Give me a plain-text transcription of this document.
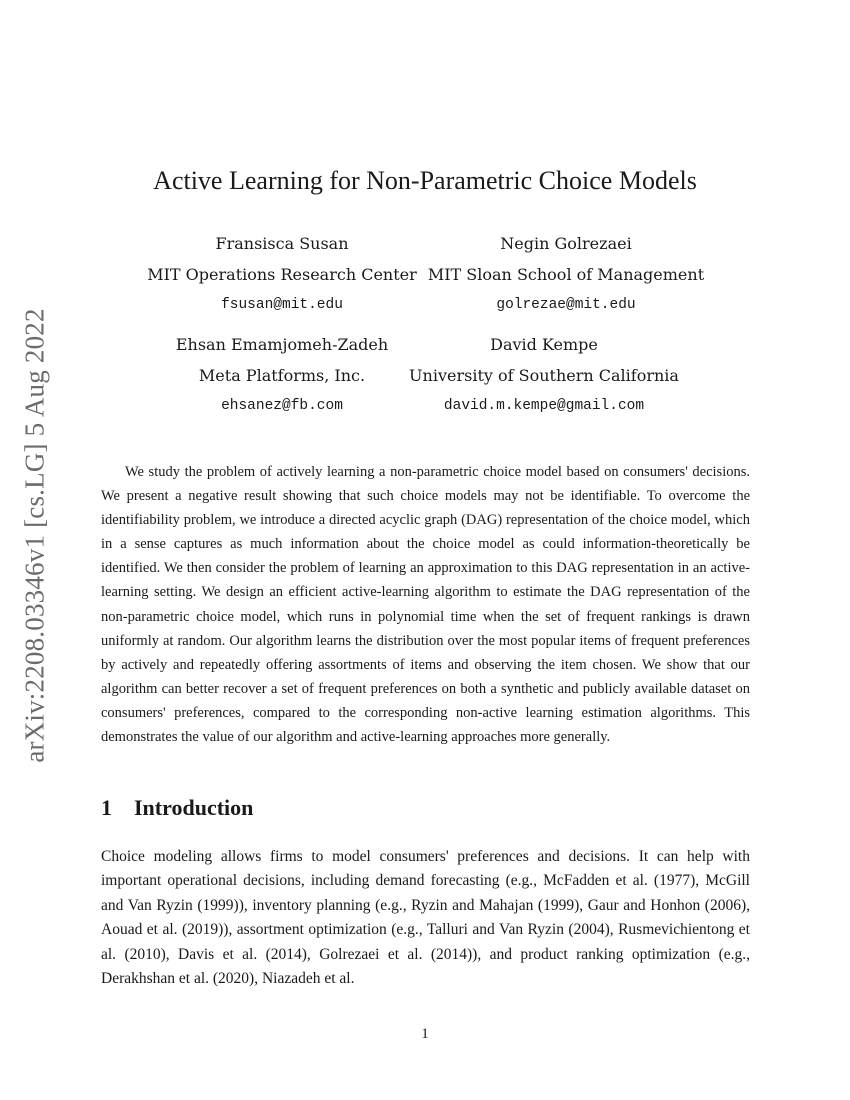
arXiv:2208.03346v1 [cs.LG] 5 Aug 2022
Active Learning for Non-Parametric Choice Models
Fransisca Susan
MIT Operations Research Center
fsusan@mit.edu
Negin Golrezaei
MIT Sloan School of Management
golrezae@mit.edu
Ehsan Emamjomeh-Zadeh
Meta Platforms, Inc.
ehsanez@fb.com
David Kempe
University of Southern California
david.m.kempe@gmail.com

We study the problem of actively learning a non-parametric choice model based on consumers' decisions. We present a negative result showing that such choice models may not be identifiable. To overcome the identifiability problem, we introduce a directed acyclic graph (DAG) representation of the choice model, which in a sense captures as much information about the choice model as could information-theoretically be identified. We then consider the problem of learning an approximation to this DAG representation in an active-learning setting. We design an efficient active-learning algorithm to estimate the DAG representation of the non-parametric choice model, which runs in polynomial time when the set of frequent rankings is drawn uniformly at random. Our algorithm learns the distribution over the most popular items of frequent preferences by actively and repeatedly offering assortments of items and observing the item chosen. We show that our algorithm can better recover a set of frequent preferences on both a synthetic and publicly available dataset on consumers' preferences, compared to the corresponding non-active learning estimation algorithms. This demonstrates the value of our algorithm and active-learning approaches more generally.

1 Introduction

Choice modeling allows firms to model consumers' preferences and decisions. It can help with important operational decisions, including demand forecasting (e.g., McFadden et al. (1977), McGill and Van Ryzin (1999)), inventory planning (e.g., Ryzin and Mahajan (1999), Gaur and Honhon (2006), Aouad et al. (2019)), assortment optimization (e.g., Talluri and Van Ryzin (2004), Rusmevichientong et al. (2010), Davis et al. (2014), Golrezaei et al. (2014)), and product ranking optimization (e.g., Derakhshan et al. (2020), Niazadeh et al.

1
